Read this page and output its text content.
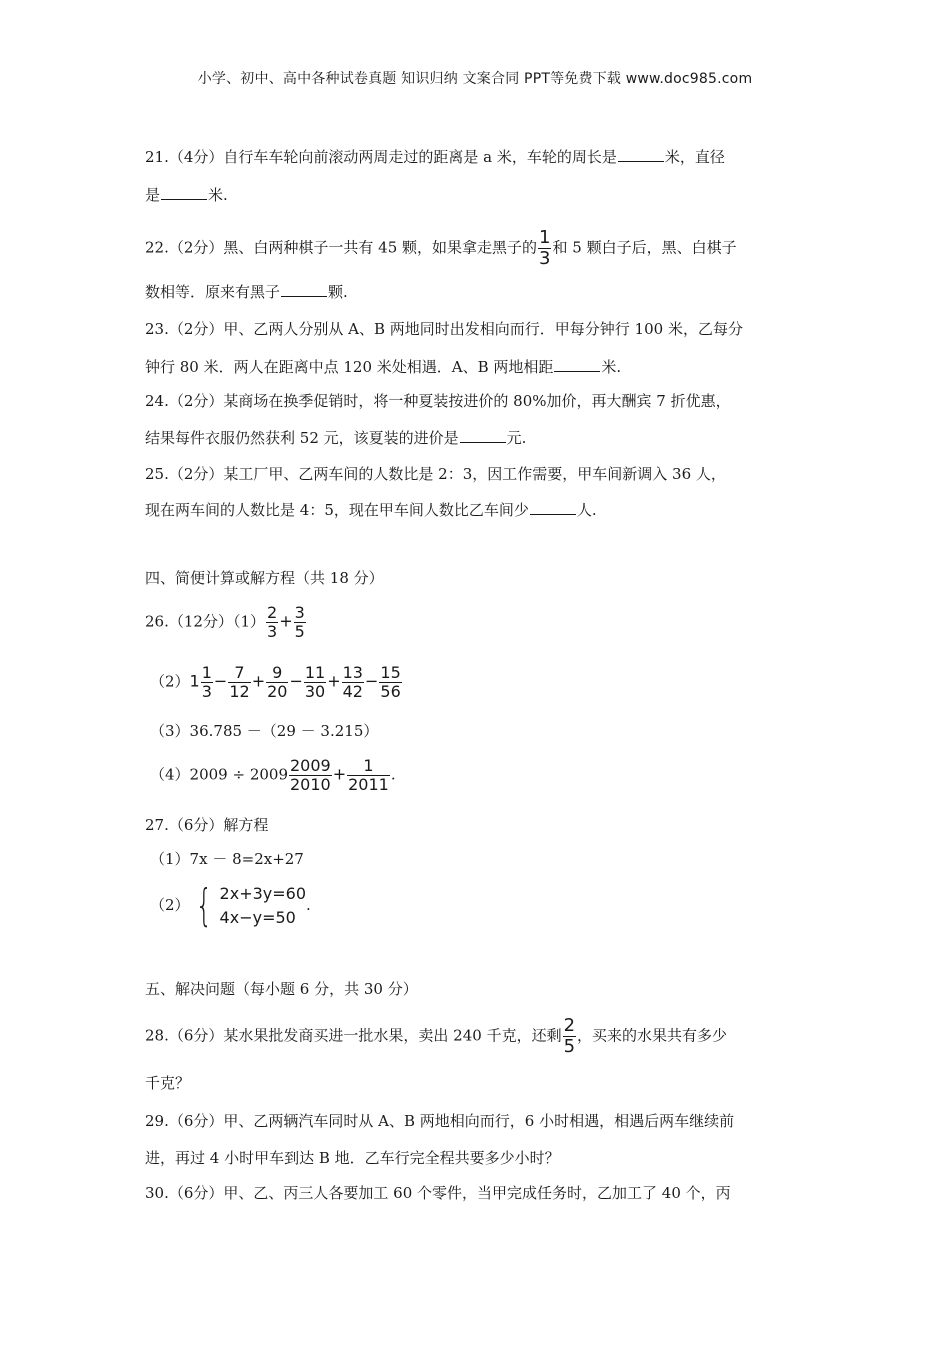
小学、初中、高中各种试卷真题 知识归纳 文案合同 PPT等免费下载 www.doc985.com
21.（4分）自行车车轮向前滚动两周走过的距离是 a 米，车轮的周长是	米，直径
是	米.
22.（2分）黑、白两种棋子一共有 45 颗，如果拿走黑子的 $\frac{1}{3}$ 和 5 颗白子后，黑、白棋子
数相等．原来有黑子	颗.
23.（2分）甲、乙两人分别从 A、B 两地同时出发相向而行．甲每分钟行 100 米，乙每分
钟行 80 米．两人在距离中点 120 米处相遇．A、B 两地相距	米.
24.（2分）某商场在换季促销时，将一种夏装按进价的 80%加价，再大酬宾 7 折优惠，
结果每件衣服仍然获利 52 元，该夏装的进价是	元.
25.（2分）某工厂甲、乙两车间的人数比是 2：3，因工作需要，甲车间新调入 36 人，
现在两车间的人数比是 4：5，现在甲车间人数比乙车间少	人.
四、简便计算或解方程（共 18 分）
26.（12分）$(1) \frac{2}{3} + \frac{3}{5}$
$(2)1 \frac{1}{3} - \frac{7}{12} + \frac{9}{20} - \frac{11}{30} + \frac{13}{42} - \frac{15}{56}$
（3）36.785 －（29 － 3.215）
$(4)2009 \div 2009 \frac{2009}{2010} + \frac{1}{2011}$ .
27.（6分）解方程
（1）7x － 8=2x+27
（2） { 2x+3y=60
4x−y=50
.
五、解决问题（每小题 6 分，共 30 分）
28.（6分）某水果批发商买进一批水果，卖出 240 千克，还剩 $\frac{2}{5}$ ，买来的水果共有多少
千克？
29.（6分）甲、乙两辆汽车同时从 A、B 两地相向而行，6 小时相遇，相遇后两车继续前
进，再过 4 小时甲车到达 B 地．乙车行完全程共要多少小时？
30.（6分）甲、乙、丙三人各要加工 60 个零件，当甲完成任务时，乙加工了 40 个，丙
